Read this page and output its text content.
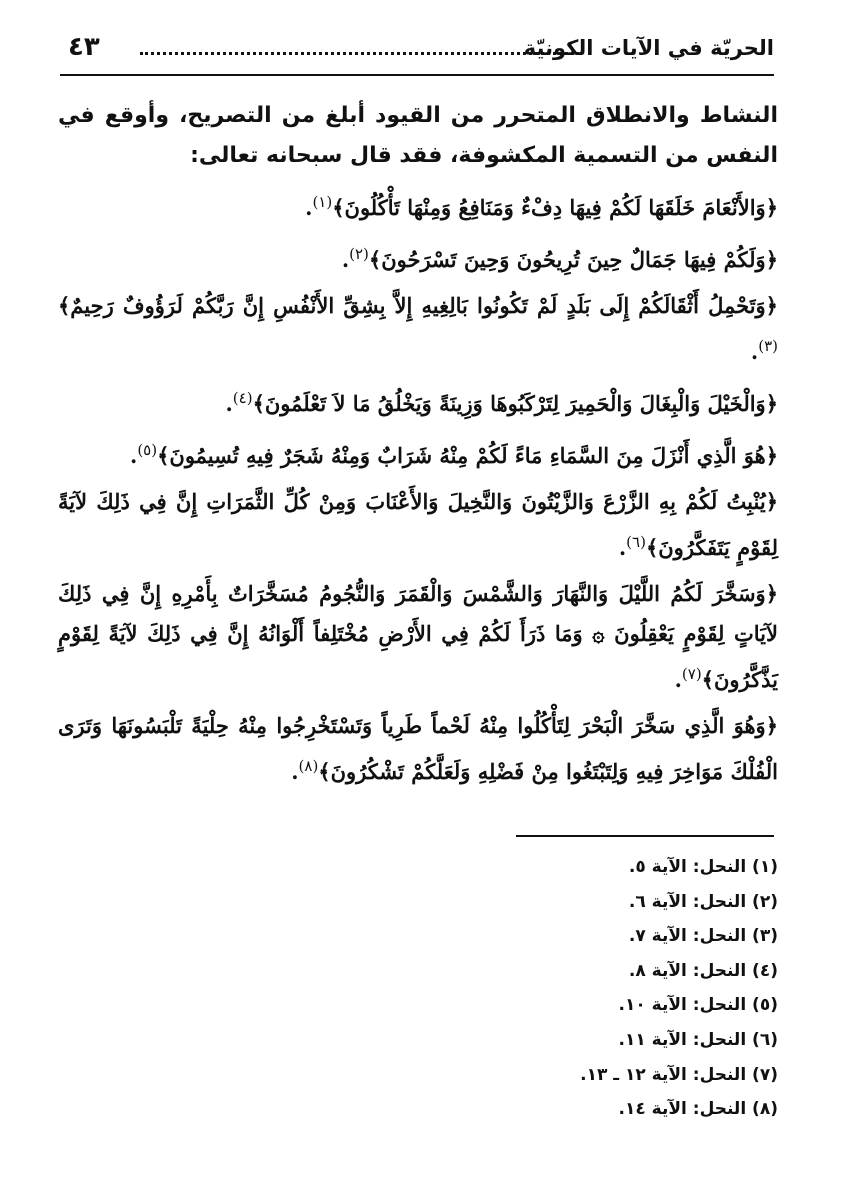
الحريّة في الآيات الكونيّة
٤٣

النشاط والانطلاق المتحرر من القيود أبلغ من التصريح، وأوقع في النفس من التسمية المكشوفة، فقد قال سبحانه تعالى:

﴿وَالأَنْعَامَ خَلَقَهَا لَكُمْ فِيهَا دِفْءٌ وَمَنَافِعُ وَمِنْهَا تَأْكُلُونَ﴾$^{(١)}$.

﴿وَلَكُمْ فِيهَا جَمَالٌ حِينَ تُرِيحُونَ وَحِينَ تَسْرَحُونَ﴾$^{(٢)}$.

﴿وَتَحْمِلُ أَثْقَالَكُمْ إِلَى بَلَدٍ لَمْ تَكُونُوا بَالِغِيهِ إِلاَّ بِشِقِّ الأَنْفُسِ إِنَّ رَبَّكُمْ لَرَؤُوفٌ رَحِيمٌ﴾$^{(٣)}$.

﴿وَالْخَيْلَ وَالْبِغَالَ وَالْحَمِيرَ لِتَرْكَبُوهَا وَزِينَةً وَيَخْلُقُ مَا لاَ تَعْلَمُونَ﴾$^{(٤)}$.

﴿هُوَ الَّذِي أَنْزَلَ مِنَ السَّمَاءِ مَاءً لَكُمْ مِنْهُ شَرَابٌ وَمِنْهُ شَجَرٌ فِيهِ تُسِيمُونَ﴾$^{(٥)}$.

﴿يُنْبِتُ لَكُمْ بِهِ الزَّرْعَ وَالزَّيْتُونَ وَالنَّخِيلَ وَالأَعْنَابَ وَمِنْ كُلِّ الثَّمَرَاتِ إِنَّ فِي ذَلِكَ لآيَةً لِقَوْمٍ يَتَفَكَّرُونَ﴾$^{(٦)}$.

﴿وَسَخَّرَ لَكُمُ اللَّيْلَ وَالنَّهَارَ وَالشَّمْسَ وَالْقَمَرَ وَالنُّجُومُ مُسَخَّرَاتٌ بِأَمْرِهِ إِنَّ فِي ذَلِكَ لآيَاتٍ لِقَوْمٍ يَعْقِلُونَ ۞ وَمَا ذَرَأَ لَكُمْ فِي الأَرْضِ مُخْتَلِفاً أَلْوَانُهُ إِنَّ فِي ذَلِكَ لآيَةً لِقَوْمٍ يَذَّكَّرُونَ﴾$^{(٧)}$.

﴿وَهُوَ الَّذِي سَخَّرَ الْبَحْرَ لِتَأْكُلُوا مِنْهُ لَحْماً طَرِياً وَتَسْتَخْرِجُوا مِنْهُ حِلْيَةً تَلْبَسُونَهَا وَتَرَى الْفُلْكَ مَوَاخِرَ فِيهِ وَلِتَبْتَغُوا مِنْ فَضْلِهِ وَلَعَلَّكُمْ تَشْكُرُونَ﴾$^{(٨)}$.

(١) النحل: الآية ٥.

(٢) النحل: الآية ٦.

(٣) النحل: الآية ٧.

(٤) النحل: الآية ٨.

(٥) النحل: الآية ١٠.

(٦) النحل: الآية ١١.

(٧) النحل: الآية ١٢ ـ ١٣.

(٨) النحل: الآية ١٤.
